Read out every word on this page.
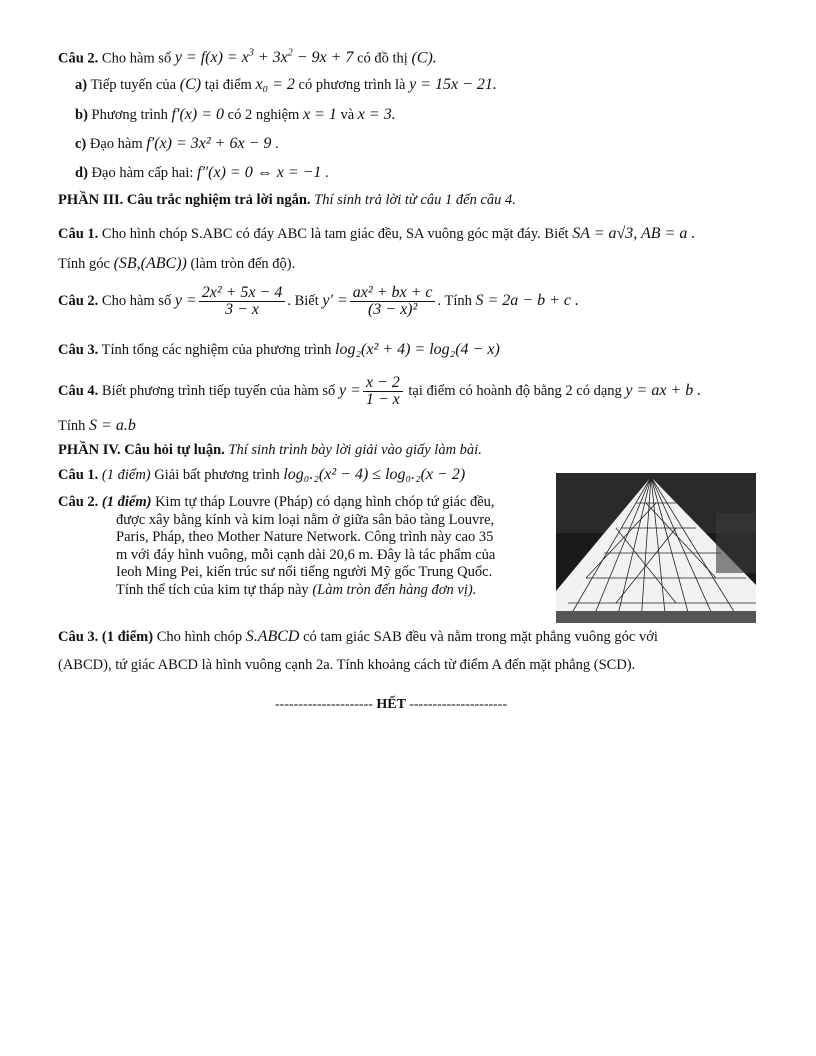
Câu 2. Cho hàm số $y = f(x) = x^3 + 3x^2 - 9x + 7$ có đồ thị (C).
a) Tiếp tuyến của (C) tại điểm x₀ = 2 có phương trình là y = 15x − 21.
b) Phương trình f′(x) = 0 có 2 nghiệm x = 1 và x = 3.
c) Đạo hàm f′(x) = 3x² + 6x − 9 .
d) Đạo hàm cấp hai: f″(x) = 0 ⇔ x = −1 .
PHẦN III. Câu trắc nghiệm trả lời ngắn. Thí sinh trả lời từ câu 1 đến câu 4.
Câu 1. Cho hình chóp S.ABC có đáy ABC là tam giác đều, SA vuông góc mặt đáy. Biết SA = a√3, AB = a .
Tính góc (SB,(ABC)) (làm tròn đến độ).
Câu 2. Cho hàm số $y = \frac{\text{2x² + 5x − 4}}{3 - x}$ . Biết $y' = \frac{\text{ax² + bx + c}}{\text{(3 − x)²}}$ . Tính S = 2a − b + c .
Câu 3. Tính tổng các nghiệm của phương trình log₂(x² + 4) = log₂(4 − x)
Câu 4. Biết phương trình tiếp tuyến của hàm số $y = \frac{x - 2}{1 - x}$ tại điểm có hoành độ bằng 2 có dạng y = ax + b .
Tính S = a.b
PHẦN IV. Câu hỏi tự luận. Thí sinh trình bày lời giải vào giấy làm bài.
Câu 1. (1 điểm) Giải bất phương trình log₀.₂(x² − 4) ≤ log₀.₂(x − 2)
Câu 2. (1 điểm) Kim tự tháp Louvre (Pháp) có dạng hình chóp tứ giác đều,
được xây bằng kính và kim loại nằm ở giữa sân bảo tàng Louvre,
Paris, Pháp, theo Mother Nature Network. Công trình này cao 35
m với đáy hình vuông, mỗi cạnh dài 20,6 m. Đây là tác phẩm của
Ieoh Ming Pei, kiến trúc sư nổi tiếng người Mỹ gốc Trung Quốc.
Tính thể tích của kim tự tháp này (Làm tròn đến hàng đơn vị).
Câu 3. (1 điểm) Cho hình chóp S.ABCD có tam giác SAB đều và nằm trong mặt phẳng vuông góc với
(ABCD), tứ giác ABCD là hình vuông cạnh 2a. Tính khoảng cách từ điểm A đến mặt phẳng (SCD).
--------------------- HẾT ---------------------
